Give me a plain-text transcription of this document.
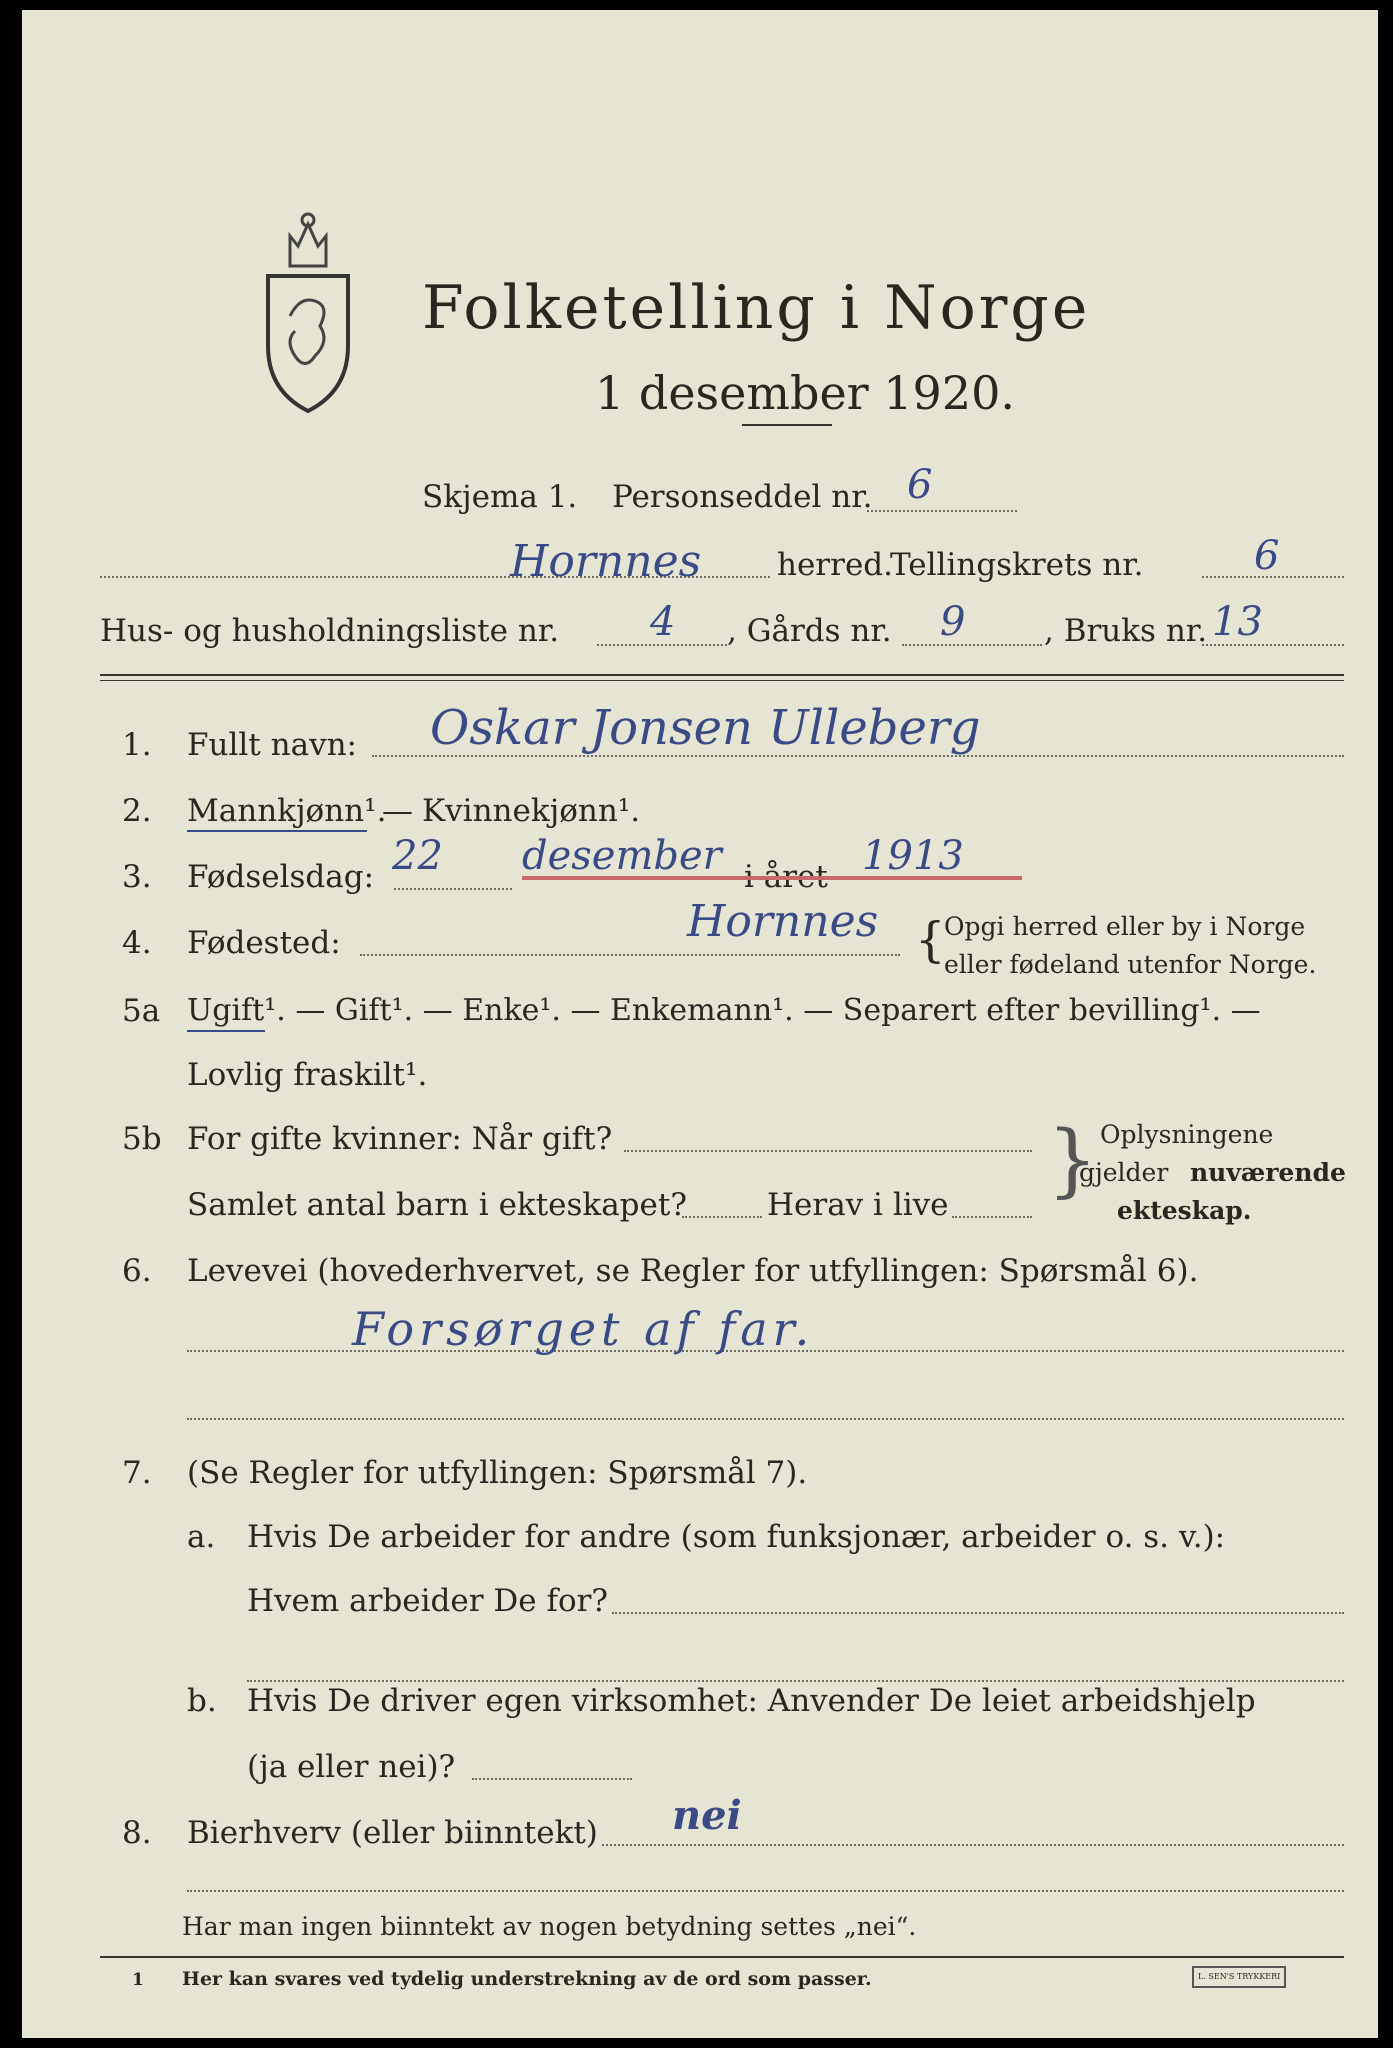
Folketelling i Norge
1 desember 1920.
Skjema 1. Personseddel nr. 6
Hornnes herred.
Tellingskrets nr.	6
Hus- og husholdningsliste nr. 4 , Gårds nr. 9	, Bruks nr. 13
1. Fullt navn: Oskar Jonsen Ulleberg
2. Mannkjønn¹.
— Kvinnekjønn¹.
3. Fødselsdag: 22 desember i året 1913
4. Fødested:	Hornnes {
Opgi herred eller by i Norge
eller fødeland utenfor Norge.
5a Ugift¹. — Gift¹. — Enke¹. — Enkemann¹. — Separert efter bevilling¹. —
Lovlig fraskilt¹.
5b For gifte kvinner: Når gift?
Samlet antal barn i ekteskapet?	Herav i live } Oplysningene
gjelder nuværende
ekteskap.
6. Levevei (hovederhvervet, se Regler for utfyllingen: Spørsmål 6).
Forsørget af far.
7. (Se Regler for utfyllingen: Spørsmål 7).
a. Hvis De arbeider for andre (som funksjonær, arbeider o. s. v.):
Hvem arbeider De for?
b. Hvis De driver egen virksomhet: Anvender De leiet arbeidshjelp
(ja eller nei)?
8. Bierhverv (eller biinntekt) nei
Har man ingen biinntekt av nogen betydning settes „nei“.
1 Her kan svares ved tydelig understrekning av de ord som passer.	L. SEN'S TRYKKERI
